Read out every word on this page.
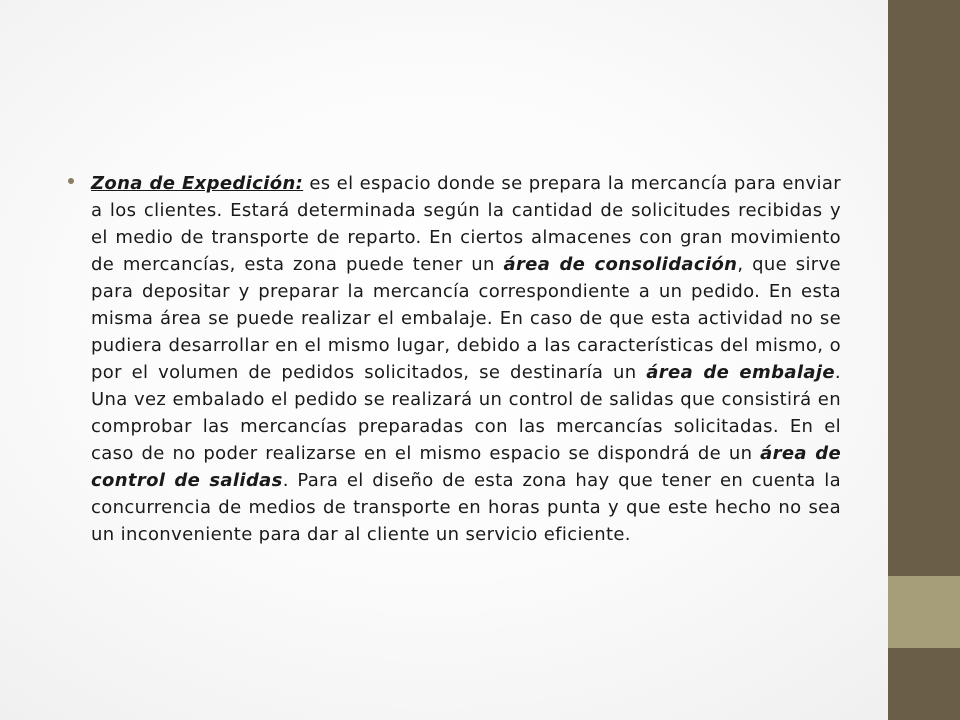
Zona de Expedición: es el espacio donde se prepara la mercancía para enviar a los clientes. Estará determinada según la cantidad de solicitudes recibidas y el medio de transporte de reparto. En ciertos almacenes con gran movimiento de mercancías, esta zona puede tener un área de consolidación, que sirve para depositar y preparar la mercancía correspondiente a un pedido. En esta misma área se puede realizar el embalaje. En caso de que esta actividad no se pudiera desarrollar en el mismo lugar, debido a las características del mismo, o por el volumen de pedidos solicitados, se destinaría un área de embalaje. Una vez embalado el pedido se realizará un control de salidas que consistirá en comprobar las mercancías preparadas con las mercancías solicitadas. En el caso de no poder realizarse en el mismo espacio se dispondrá de un área de control de salidas. Para el diseño de esta zona hay que tener en cuenta la concurrencia de medios de transporte en horas punta y que este hecho no sea un inconveniente para dar al cliente un servicio eficiente.
